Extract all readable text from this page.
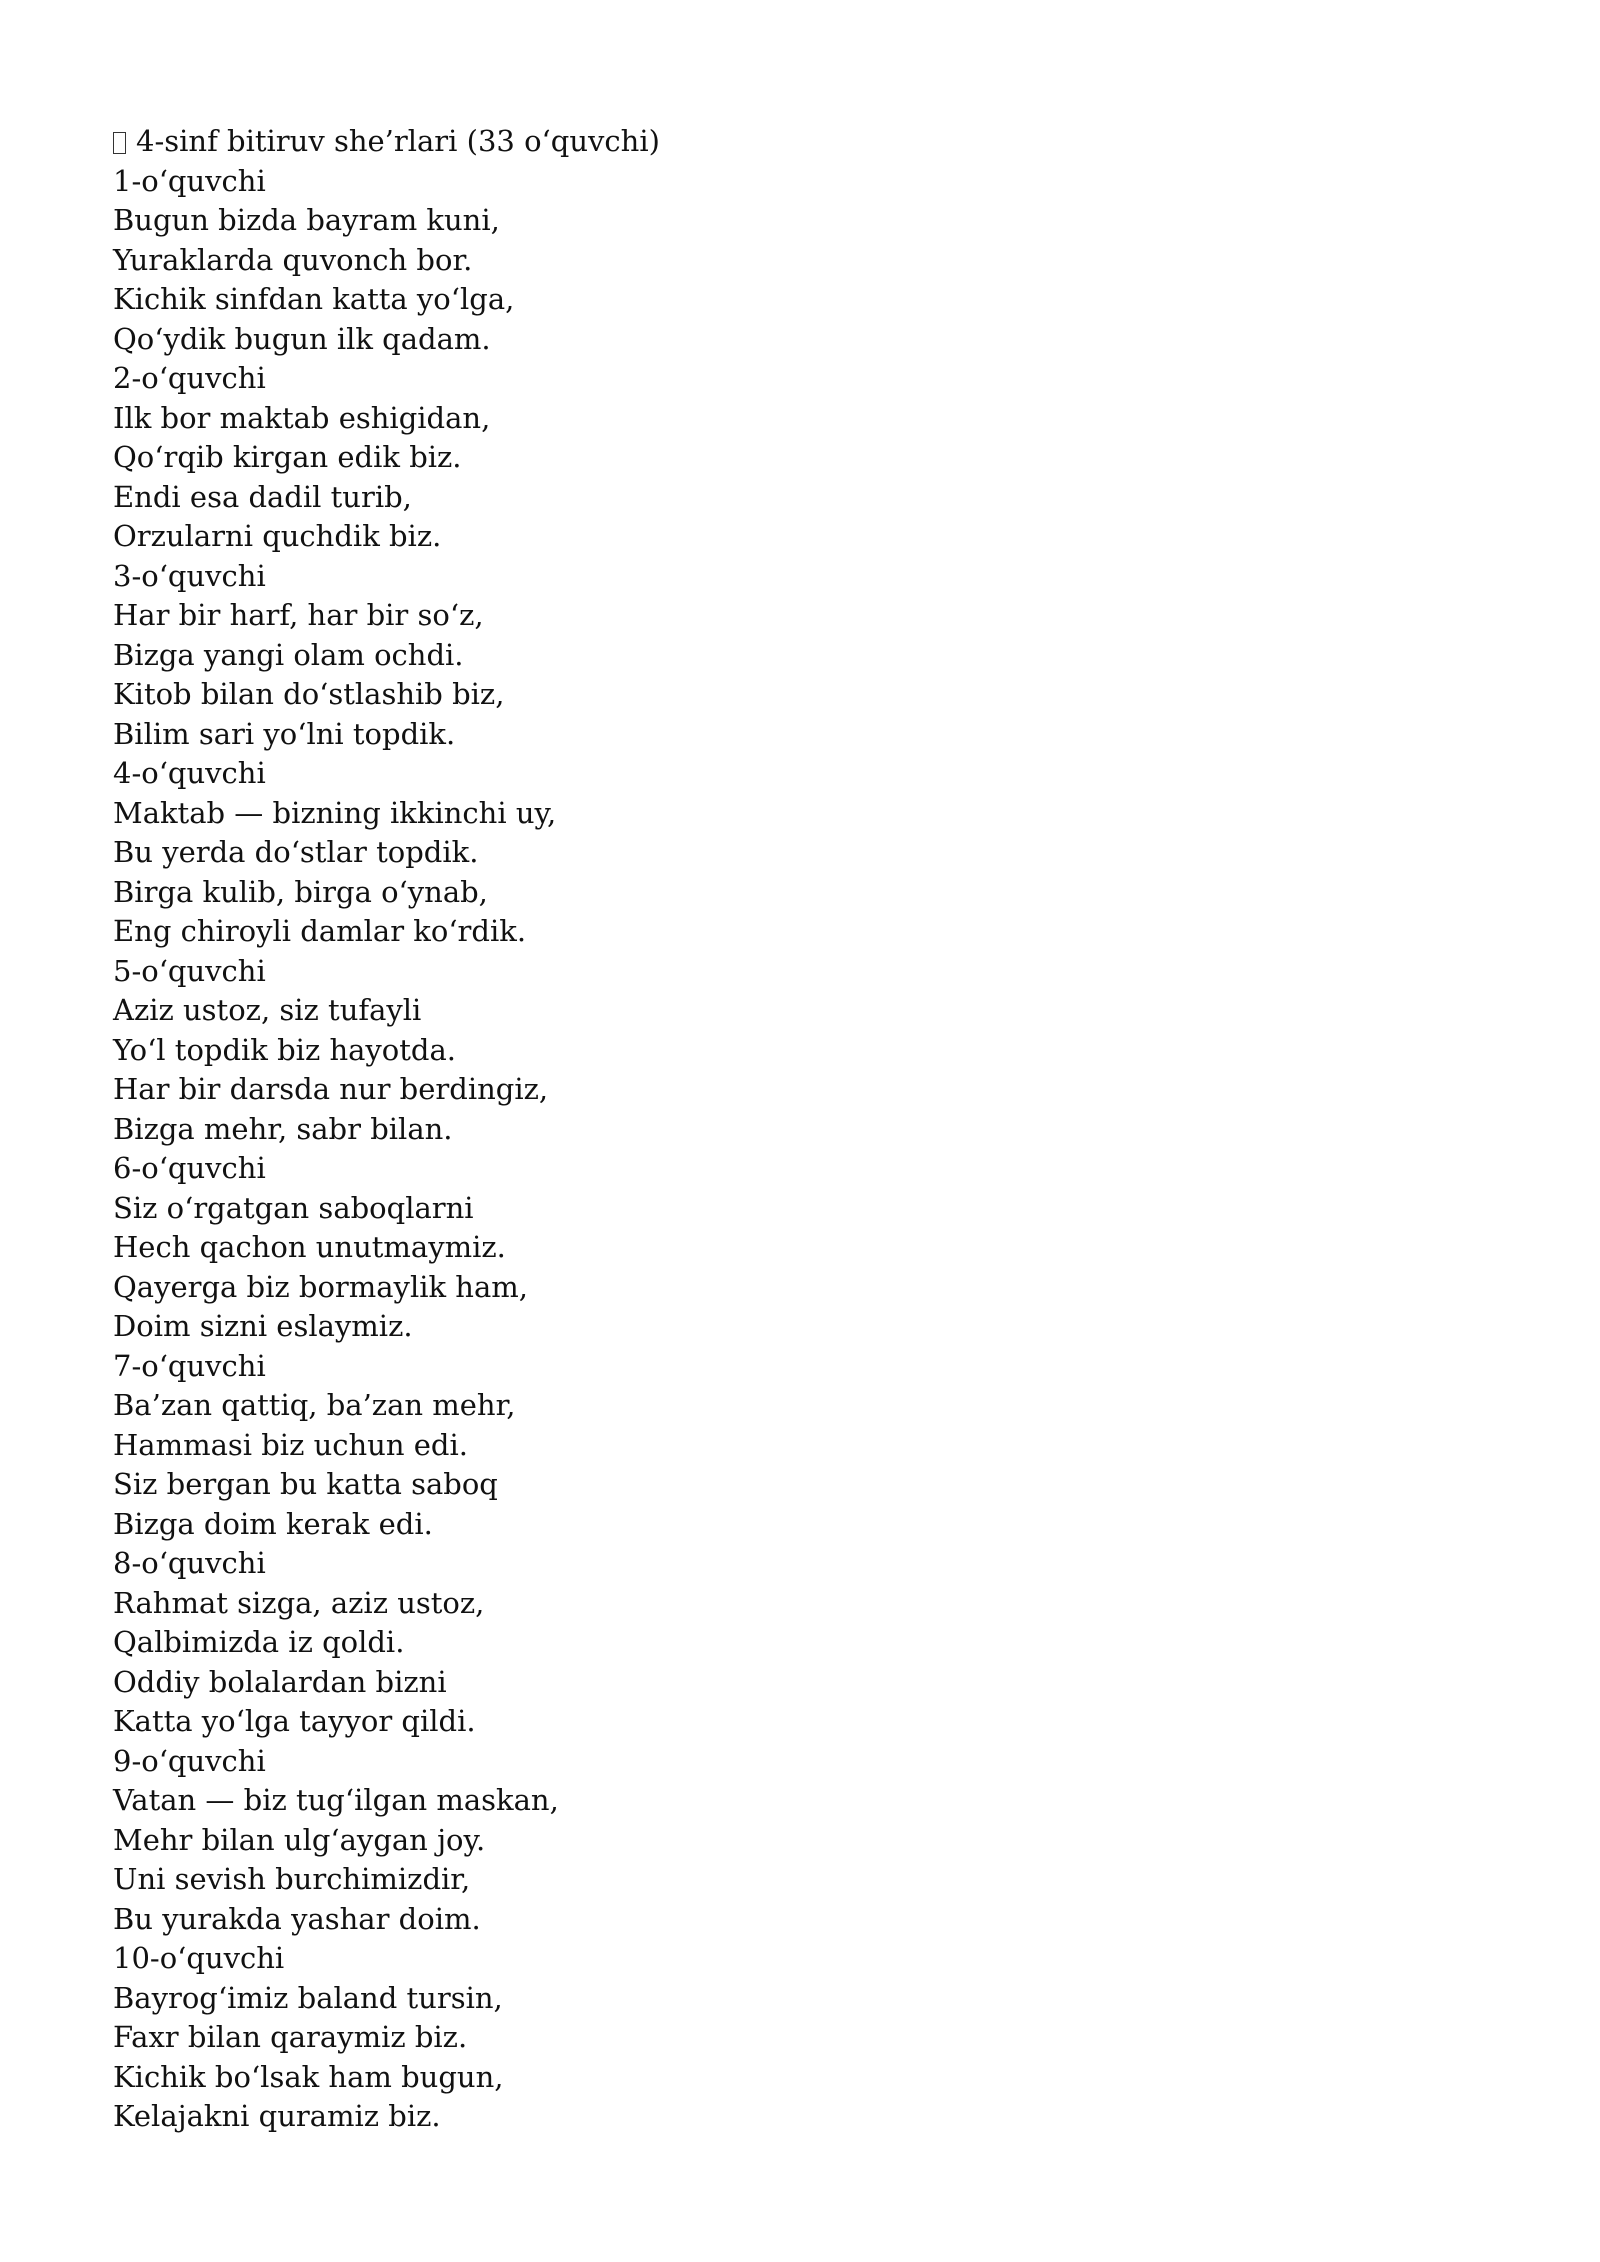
4-sinf bitiruv she’rlari (33 oʻquvchi)

1-oʻquvchi

Bugun bizda bayram kuni,

Yuraklarda quvonch bor.

Kichik sinfdan katta yoʻlga,

Qoʻydik bugun ilk qadam.

2-oʻquvchi

Ilk bor maktab eshigidan,

Qoʻrqib kirgan edik biz.

Endi esa dadil turib,

Orzularni quchdik biz.

3-oʻquvchi

Har bir harf, har bir soʻz,

Bizga yangi olam ochdi.

Kitob bilan doʻstlashib biz,

Bilim sari yoʻlni topdik.

4-oʻquvchi

Maktab — bizning ikkinchi uy,

Bu yerda doʻstlar topdik.

Birga kulib, birga oʻynab,

Eng chiroyli damlar koʻrdik.

5-oʻquvchi

Aziz ustoz, siz tufayli

Yoʻl topdik biz hayotda.

Har bir darsda nur berdingiz,

Bizga mehr, sabr bilan.

6-oʻquvchi

Siz oʻrgatgan saboqlarni

Hech qachon unutmaymiz.

Qayerga biz bormaylik ham,

Doim sizni eslaymiz.

7-oʻquvchi

Ba’zan qattiq, ba’zan mehr,

Hammasi biz uchun edi.

Siz bergan bu katta saboq

Bizga doim kerak edi.

8-oʻquvchi

Rahmat sizga, aziz ustoz,

Qalbimizda iz qoldi.

Oddiy bolalardan bizni

Katta yoʻlga tayyor qildi.

9-oʻquvchi

Vatan — biz tugʻilgan maskan,

Mehr bilan ulgʻaygan joy.

Uni sevish burchimizdir,

Bu yurakda yashar doim.

10-oʻquvchi

Bayrogʻimiz baland tursin,

Faxr bilan qaraymiz biz.

Kichik boʻlsak ham bugun,

Kelajakni quramiz biz.
